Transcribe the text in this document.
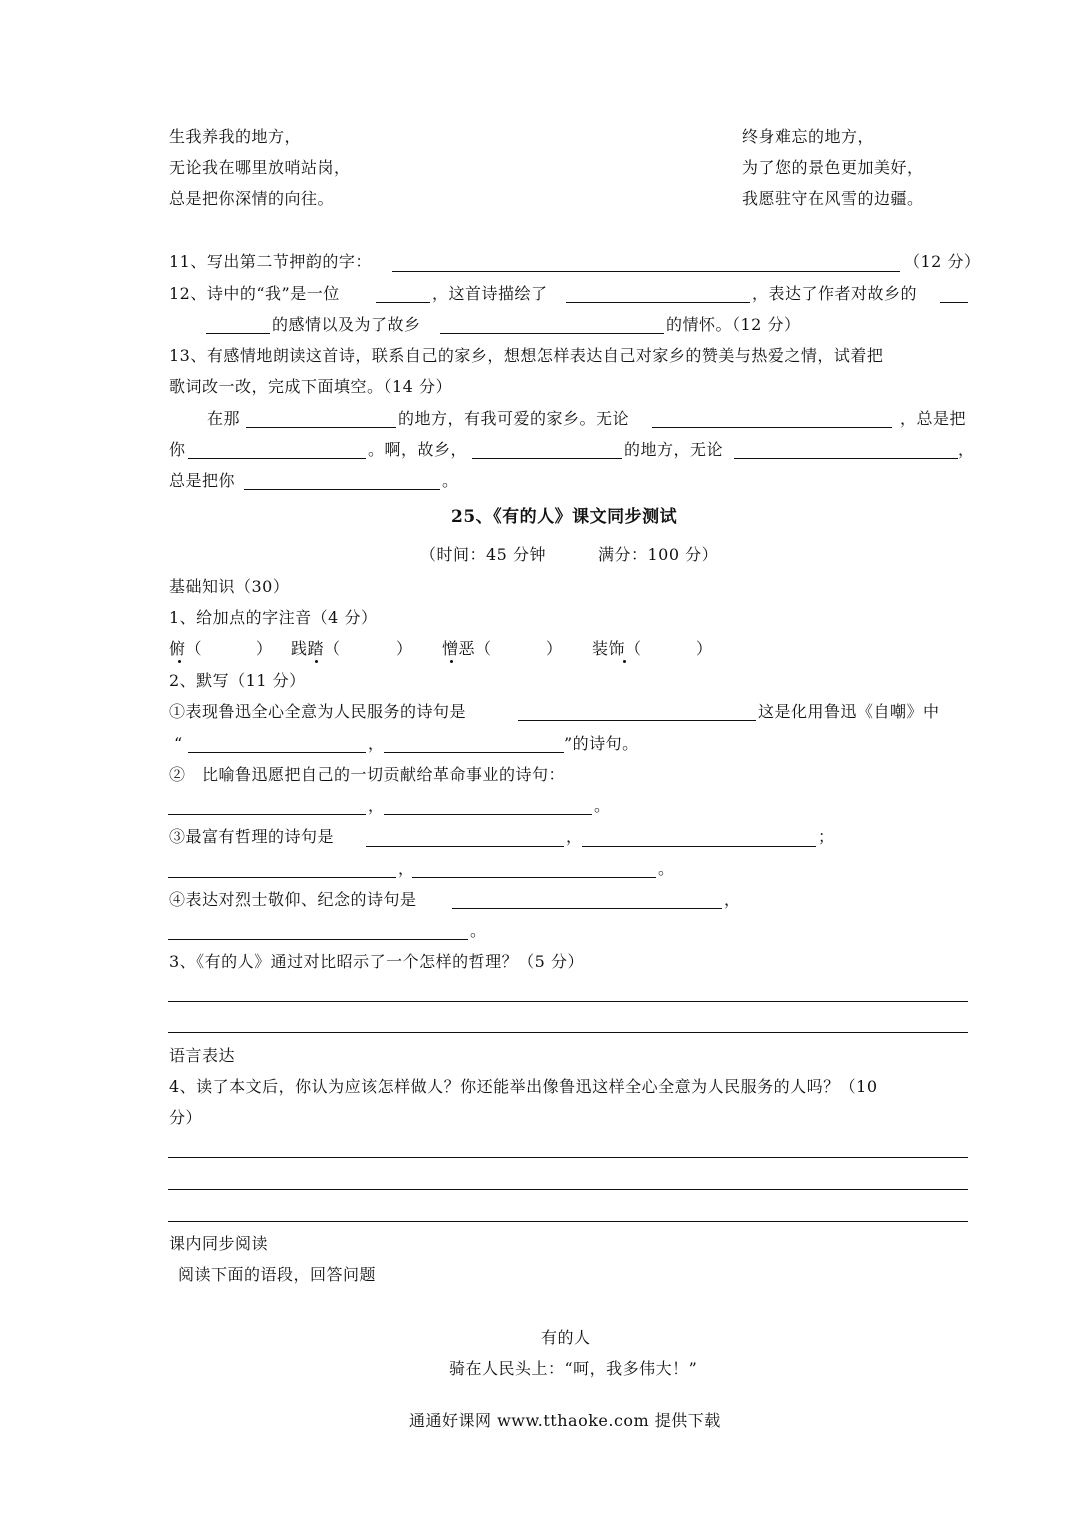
生我养我的地方，
无论我在哪里放哨站岗，
总是把你深情的向往。
终身难忘的地方，
为了您的景色更加美好，
我愿驻守在风雪的边疆。
11、写出第二节押韵的字：	（12 分）
12、诗中的“我”是一位	，这首诗描绘了	，表达了作者对故乡的
的感情以及为了故乡	的情怀。（12 分）
13、有感情地朗读这首诗，联系自己的家乡，想想怎样表达自己对家乡的赞美与热爱之情，试着把
歌词改一改，完成下面填空。（14 分）
在那	的地方，有我可爱的家乡。无论	，总是把
你	。啊，故乡，	的地方，无论	，
总是把你	。
25、《有的人》课文同步测试
（时间：45 分钟	满分：100 分）
基础知识（30）
1、给加点的字注音（4 分）
俯（	） 践踏（	） 憎恶（	） 装饰（	）
2、默写（11 分）
①表现鲁迅全心全意为人民服务的诗句是	这是化用鲁迅《自嘲》中
“	，	”的诗句。
②　比喻鲁迅愿把自己的一切贡献给革命事业的诗句：
，	。
③最富有哲理的诗句是	，	；
，	。
④表达对烈士敬仰、纪念的诗句是	，
。
3、《有的人》通过对比昭示了一个怎样的哲理？（5 分）
语言表达
4、读了本文后，你认为应该怎样做人？你还能举出像鲁迅这样全心全意为人民服务的人吗？（10
分）
课内同步阅读
阅读下面的语段，回答问题
有的人
骑在人民头上：“呵，我多伟大！”
通通好课网 www.tthaoke.com 提供下载
